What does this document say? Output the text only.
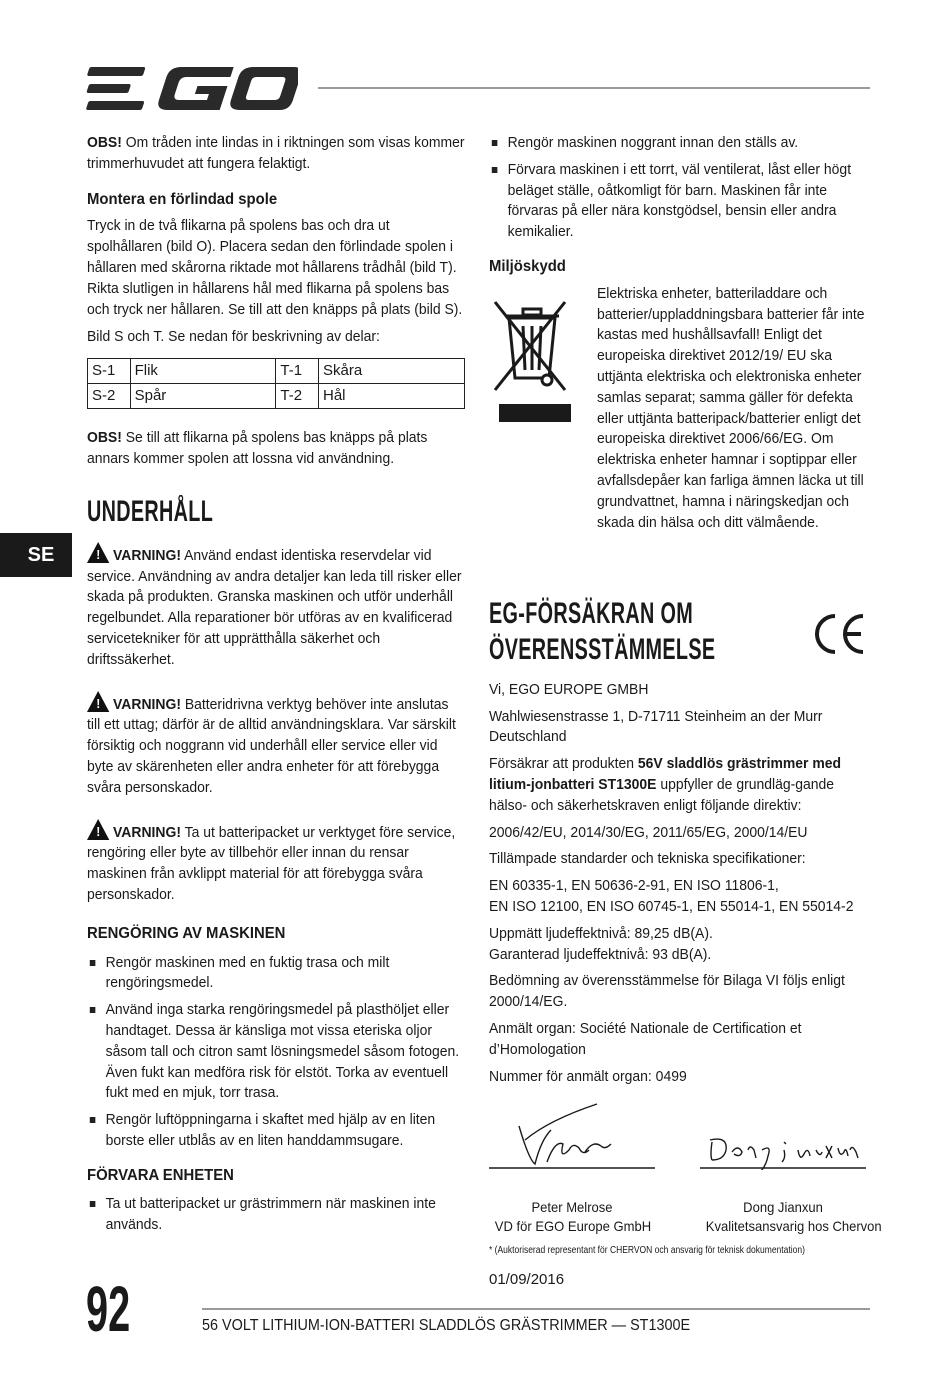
EGO
SE

OBS! Om tråden inte lindas in i riktningen som visas kommer trimmerhuvudet att fungera felaktigt.

Montera en förlindad spole

Tryck in de två flikarna på spolens bas och dra ut spolhållaren (bild O). Placera sedan den förlindade spolen i hållaren med skårorna riktade mot hållarens trådhål (bild T). Rikta slutligen in hållarens hål med flikarna på spolens bas och tryck ner hållaren. Se till att den knäpps på plats (bild S).

Bild S och T. Se nedan för beskrivning av delar:

S-1	Flik	T-1	Skåra
S-2	Spår	T-2	Hål

OBS! Se till att flikarna på spolens bas knäpps på plats annars kommer spolen att lossna vid användning.

UNDERHÅLL

! VARNING! Använd endast identiska reservdelar vid service. Användning av andra detaljer kan leda till risker eller skada på produkten. Granska maskinen och utför underhåll regelbundet. Alla reparationer bör utföras av en kvalificerad servicetekniker för att upprätthålla säkerhet och driftssäkerhet.

! VARNING! Batteridrivna verktyg behöver inte anslutas till ett uttag; därför är de alltid användningsklara. Var särskilt försiktig och noggrann vid underhåll eller service eller vid byte av skärenheten eller andra enheter för att förebygga svåra personskador.

! VARNING! Ta ut batteripacket ur verktyget före service, rengöring eller byte av tillbehör eller innan du rensar maskinen från avklippt material för att förebygga svåra personskador.

RENGÖRING AV MASKINEN

Rengör maskinen med en fuktig trasa och milt rengöringsmedel.
Använd inga starka rengöringsmedel på plasthöljet eller handtaget. Dessa är känsliga mot vissa eteriska oljor såsom tall och citron samt lösningsmedel såsom fotogen. Även fukt kan medföra risk för elstöt. Torka av eventuell fukt med en mjuk, torr trasa.
Rengör luftöppningarna i skaftet med hjälp av en liten borste eller utblås av en liten handdammsugare.

FÖRVARA ENHETEN

Ta ut batteripacket ur grästrimmern när maskinen inte används.
Rengör maskinen noggrant innan den ställs av.
Förvara maskinen i ett torrt, väl ventilerat, låst eller högt beläget ställe, oåtkomligt för barn. Maskinen får inte förvaras på eller nära konstgödsel, bensin eller andra kemikalier.

Miljöskydd

Elektriska enheter, batteriladdare och batterier/uppladdningsbara batterier får inte kastas med hushållsavfall! Enligt det europeiska direktivet 2012/19/ EU ska uttjänta elektriska och elektroniska enheter samlas separat; samma gäller för defekta eller uttjänta batteripack/batterier enligt det europeiska direktivet 2006/66/EG. Om elektriska enheter hamnar i soptippar eller avfallsdepåer kan farliga ämnen läcka ut till grundvattnet, hamna i näringskedjan och skada din hälsa och ditt välmående.

EG-FÖRSÄKRAN OM
ÖVERENSSTÄMMELSE
CE

Vi, EGO EUROPE GMBH

Wahlwiesenstrasse 1, D-71711 Steinheim an der Murr Deutschland

Försäkrar att produkten 56V sladdlös grästrimmer med litium-jonbatteri ST1300E uppfyller de grundläg-gande hälso- och säkerhetskraven enligt följande direktiv:

2006/42/EU, 2014/30/EG, 2011/65/EG, 2000/14/EU

Tillämpade standarder och tekniska specifikationer:

EN 60335-1, EN 50636-2-91, EN ISO 11806-1,

EN ISO 12100, EN ISO 60745-1, EN 55014-1, EN 55014-2

Uppmätt ljudeffektnivå: 89,25 dB(A).

Garanterad ljudeffektnivå: 93 dB(A).

Bedömning av överensstämmelse för Bilaga VI följs enligt 2000/14/EG.

Anmält organ: Société Nationale de Certification et d’Homologation

Nummer för anmält organ: 0499

Peter Melrose
Peter Melrose
VD för EGO Europe GmbH
Dong Jianxun
Dong Jianxun
Kvalitetsansvarig hos Chervon
* (Auktoriserad representant för CHERVON och ansvarig för teknisk dokumentation)
01/09/2016
92	56 VOLT LITHIUM-ION-BATTERI SLADDLÖS GRÄSTRIMMER — ST1300E
